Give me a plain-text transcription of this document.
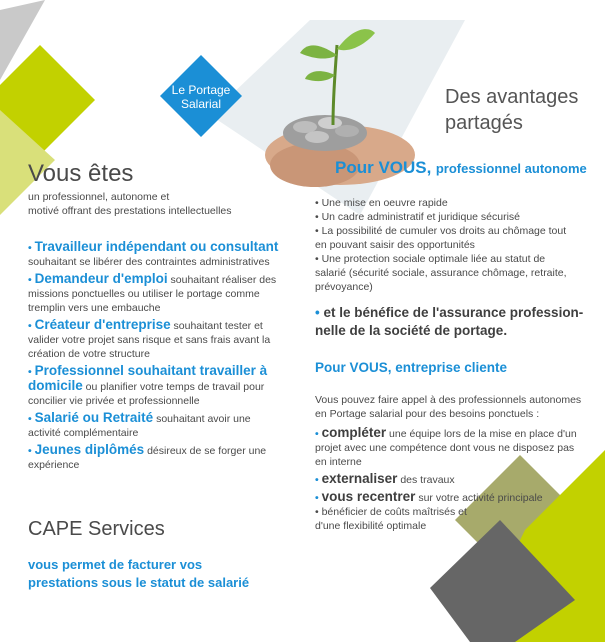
Le Portage
Salarial	Des avantages
partagés
Pour VOUS, professionnel autonome
• Une mise en oeuvre rapide
• Un cadre administratif et juridique sécurisé
• La possibilité de cumuler vos droits au chômage tout
en pouvant saisir des opportunités
• Une protection sociale optimale liée au statut de
salarié (sécurité sociale, assurance chômage, retraite,
prévoyance)
• et le bénéfice de l'assurance profession-
nelle de la société de portage.
Pour VOUS, entreprise cliente
Vous pouvez faire appel à des professionnels autonomes
en Portage salarial pour des besoins ponctuels :
• compléter une équipe lors de la mise en place d'un
projet avec une compétence dont vous ne disposez pas
en interne
• externaliser des travaux
• vous recentrer sur votre activité principale
• bénéficier de coûts maîtrisés et
d'une flexibilité optimale
Vous êtes
un professionnel, autonome et
motivé offrant des prestations intellectuelles
• Travailleur indépendant ou consultant
souhaitant se libérer des contraintes administratives
• Demandeur d'emploi souhaitant réaliser des
missions ponctuelles ou utiliser le portage comme
tremplin vers une embauche
• Créateur d'entreprise souhaitant tester et
valider votre projet sans risque et sans frais avant la
création de votre structure
• Professionnel souhaitant travailler à
domicile ou planifier votre temps de travail pour
concilier vie privée et professionnelle
• Salarié ou Retraité souhaitant avoir une
activité complémentaire
• Jeunes diplômés désireux de se forger une
expérience
CAPE Services
vous permet de facturer vos
prestations sous le statut de salarié
